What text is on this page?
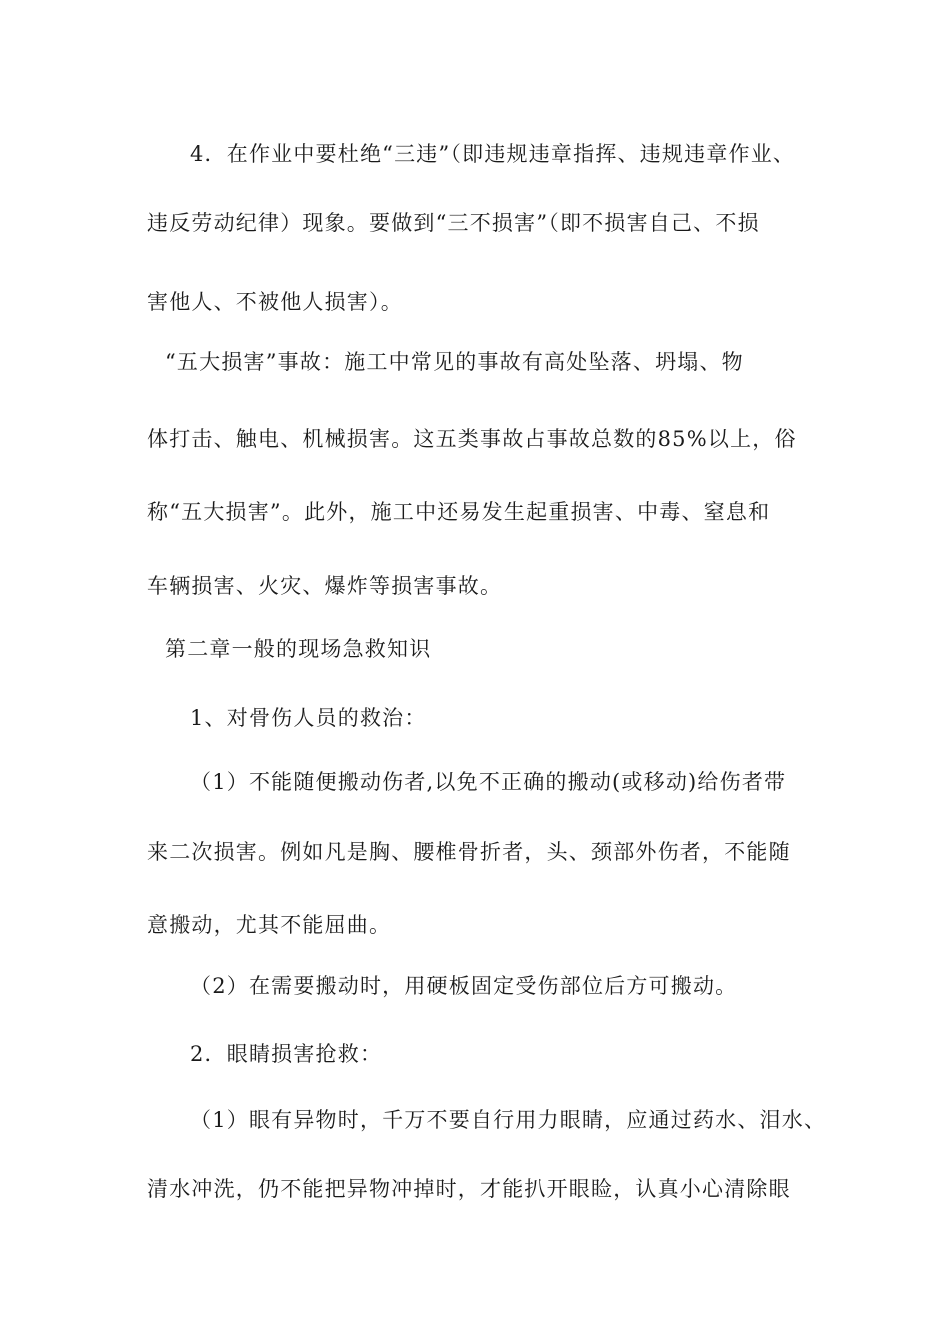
4．在作业中要杜绝“三违”（即违规违章指挥、违规违章作业、
违反劳动纪律）现象。要做到“三不损害”（即不损害自己、不损
害他人、不被他人损害）。
“五大损害”事故：施工中常见的事故有高处坠落、坍塌、物
体打击、触电、机械损害。这五类事故占事故总数的85%以上，俗
称“五大损害”。此外，施工中还易发生起重损害、中毒、窒息和
车辆损害、火灾、爆炸等损害事故。
第二章一般的现场急救知识
1、对骨伤人员的救治：
（1）不能随便搬动伤者,以免不正确的搬动(或移动)给伤者带
来二次损害。例如凡是胸、腰椎骨折者，头、颈部外伤者，不能随
意搬动，尤其不能屈曲。
（2）在需要搬动时，用硬板固定受伤部位后方可搬动。
2．眼睛损害抢救：
（1）眼有异物时，千万不要自行用力眼睛，应通过药水、泪水、
清水冲洗，仍不能把异物冲掉时，才能扒开眼睑，认真小心清除眼
